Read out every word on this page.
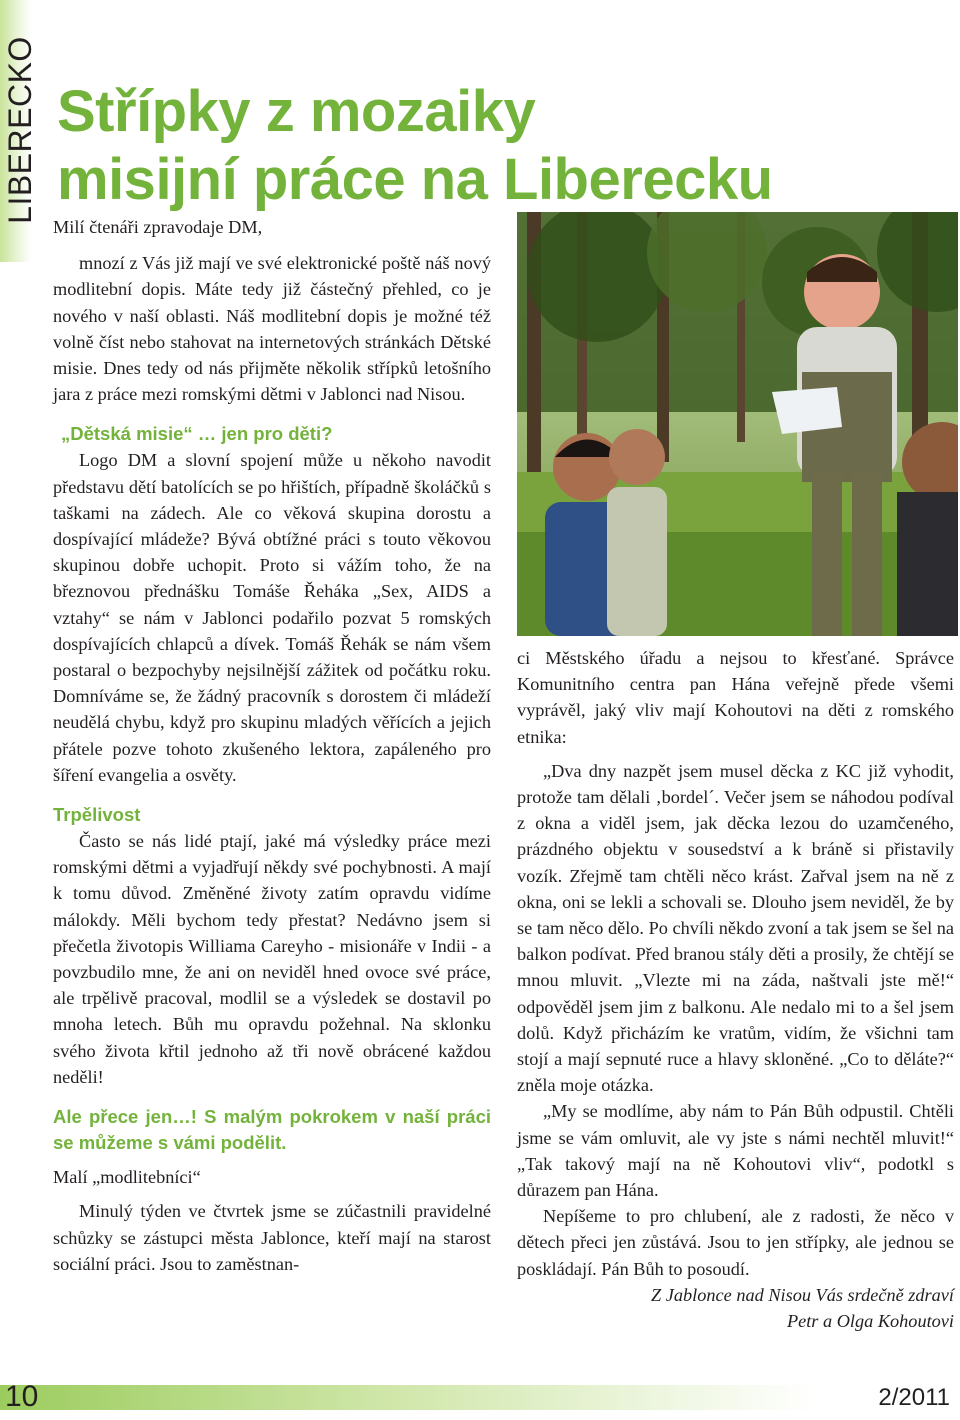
LIBERECKO Střípky z mozaiky
misijní práce na Liberecku

Milí čtenáři zpravodaje DM,

mnozí z Vás již mají ve své elektronické poště náš nový modlitební dopis. Máte tedy již částečný přehled, co je nového v naší oblasti. Náš modlitební dopis je možné též volně číst nebo stahovat na internetových stránkách Dětské misie. Dnes tedy od nás přijměte několik střípků letošního jara z práce mezi romskými dětmi v Jablonci nad Nisou.

„Dětská misie“ … jen pro děti?

Logo DM a slovní spojení může u někoho navodit představu dětí batolících se po hřištích, případně školáčků s taškami na zádech. Ale co věková skupina dorostu a dospívající mládeže? Bývá obtížné práci s touto věkovou skupinou dobře uchopit. Proto si vážím toho, že na březnovou přednášku Tomáše Řeháka „Sex, AIDS a vztahy“ se nám v Jablonci podařilo pozvat 5 romských dospívajících chlapců a dívek. Tomáš Řehák se nám všem postaral o bezpochyby nejsilnější zážitek od počátku roku. Domníváme se, že žádný pracovník s dorostem či mládeží neudělá chybu, když pro skupinu mladých věřících a jejich přátele pozve tohoto zkušeného lektora, zapáleného pro šíření evangelia a osvěty.

Trpělivost

Často se nás lidé ptají, jaké má výsledky práce mezi romskými dětmi a vyjadřují někdy své pochybnosti. A mají k tomu důvod. Změněné životy zatím opravdu vidíme málokdy. Měli bychom tedy přestat? Nedávno jsem si přečetla životopis Williama Careyho - misionáře v Indii - a povzbudilo mne, že ani on neviděl hned ovoce své práce, ale trpělivě pracoval, modlil se a výsledek se dostavil po mnoha letech. Bůh mu opravdu požehnal. Na sklonku svého života křtil jednoho až tři nově obrácené každou neděli!

Ale přece jen…! S malým pokrokem v naší práci se můžeme s vámi podělit.

Malí „modlitebníci“

Minulý týden ve čtvrtek jsme se zúčastnili pravidelné schůzky se zástupci města Jablonce, kteří mají na starost sociální práci. Jsou to zaměstnan-

ci Městského úřadu a nejsou to křesťané. Správce Komunitního centra pan Hána veřejně přede všemi vyprávěl, jaký vliv mají Kohoutovi na děti z romského etnika:

„Dva dny nazpět jsem musel děcka z KC již vyhodit, protože tam dělali ‚bordel´. Večer jsem se náhodou podíval z okna a viděl jsem, jak děcka lezou do uzamčeného, prázdného objektu v sousedství a k bráně si přistavily vozík. Zřejmě tam chtěli něco krást. Zařval jsem na ně z okna, oni se lekli a schovali se. Dlouho jsem neviděl, že by se tam něco dělo. Po chvíli někdo zvoní a tak jsem se šel na balkon podívat. Před branou stály děti a prosily, že chtějí se mnou mluvit. „Vlezte mi na záda, naštvali jste mě!“ odpověděl jsem jim z balkonu. Ale nedalo mi to a šel jsem dolů. Když přicházím ke vratům, vidím, že všichni tam stojí a mají sepnuté ruce a hlavy skloněné. „Co to děláte?“ zněla moje otázka.

„My se modlíme, aby nám to Pán Bůh odpustil. Chtěli jsme se vám omluvit, ale vy jste s námi nechtěl mluvit!“ „Tak takový mají na ně Kohoutovi vliv“, podotkl s důrazem pan Hána.

Nepíšeme to pro chlubení, ale z radosti, že něco v dětech přeci jen zůstává. Jsou to jen střípky, ale jednou se poskládají. Pán Bůh to posoudí.

Z Jablonce nad Nisou Vás srdečně zdraví

Petr a Olga Kohoutovi

10	2/2011
